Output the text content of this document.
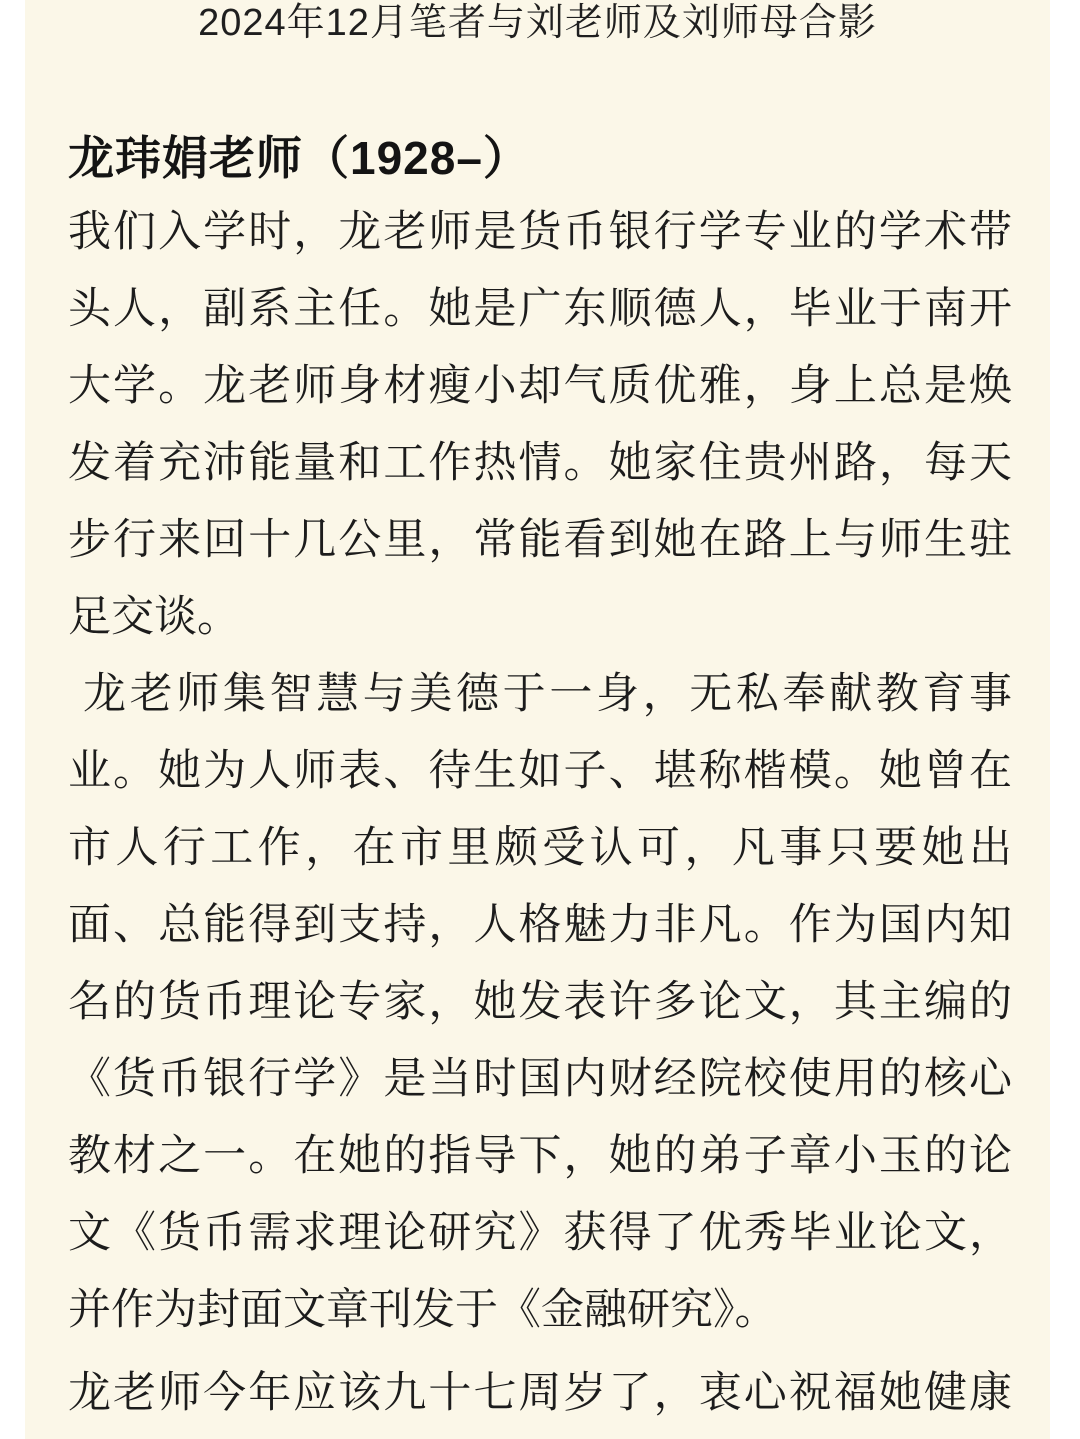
2024年12月笔者与刘老师及刘师母合影
龙玮娟老师（1928–）
我们入学时，龙老师是货币银行学专业的学术带
头人，副系主任。她是广东顺德人，毕业于南开
大学。龙老师身材瘦小却气质优雅，身上总是焕
发着充沛能量和工作热情。她家住贵州路，每天
步行来回十几公里，常能看到她在路上与师生驻
足交谈。
龙老师集智慧与美德于一身，无私奉献教育事
业。她为人师表、待生如子、堪称楷模。她曾在
市人行工作，在市里颇受认可，凡事只要她出
面、总能得到支持，人格魅力非凡。作为国内知
名的货币理论专家，她发表许多论文，其主编的
《货币银行学》是当时国内财经院校使用的核心
教材之一。在她的指导下，她的弟子章小玉的论
文《货币需求理论研究》获得了优秀毕业论文，
并作为封面文章刊发于《金融研究》。
龙老师今年应该九十七周岁了，衷心祝福她健康
